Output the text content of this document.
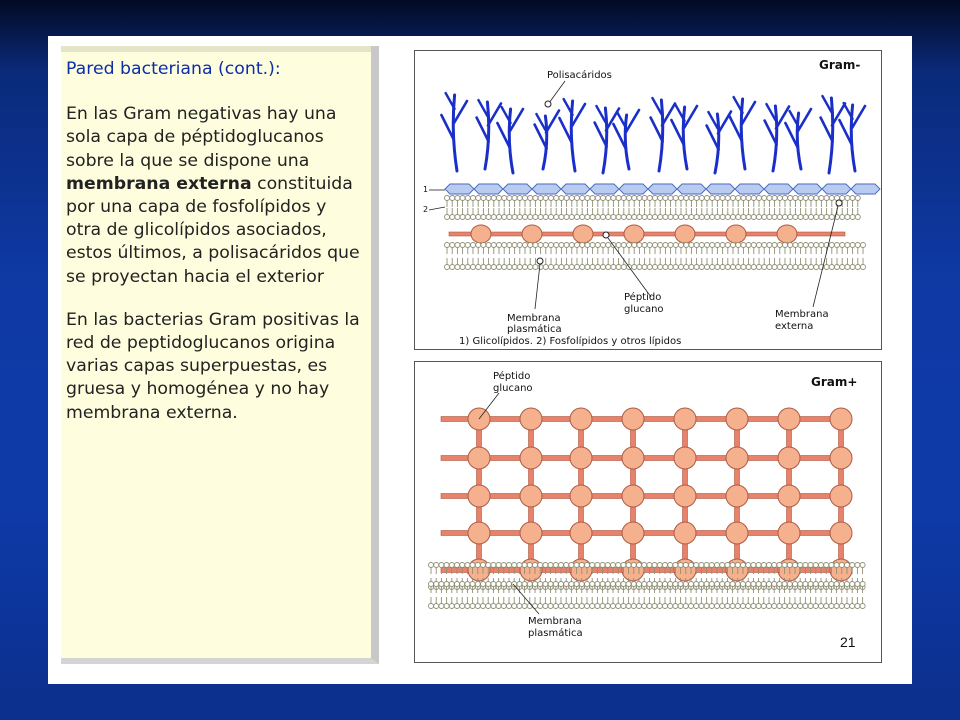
Pared bacteriana (cont.):

En las Gram negativas hay una sola capa de péptidoglucanos sobre la que se dispone una membrana externa constituida por una capa de fosfolípidos y otra de glicolípidos asociados, estos últimos, a polisacáridos que se proyectan hacia el exterior

En las bacterias Gram positivas la red de peptidoglucanos origina varias capas superpuestas, es gruesa y homogénea y no hay membrana externa.

Gram-
Polisacáridos
1
2
Membrana
plasmática
Péptido
glucano	Membrana
externa
1) Glicolípidos. 2) Fosfolípidos y otros lípidos
Gram+
Péptido
glucano
Membrana
plasmática
21
